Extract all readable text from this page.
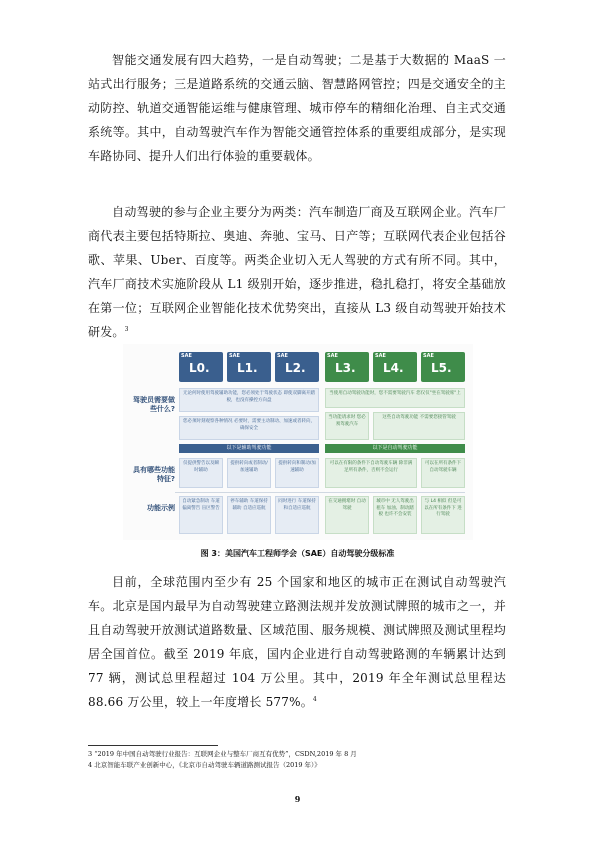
智能交通发展有四大趋势，一是自动驾驶；二是基于大数据的 MaaS 一站式出行服务；三是道路系统的交通云脑、智慧路网管控；四是交通安全的主动防控、轨道交通智能运维与健康管理、城市停车的精细化治理、自主式交通系统等。其中，自动驾驶汽车作为智能交通管控体系的重要组成部分，是实现车路协同、提升人们出行体验的重要载体。

自动驾驶的参与企业主要分为两类：汽车制造厂商及互联网企业。汽车厂商代表主要包括特斯拉、奥迪、奔驰、宝马、日产等；互联网代表企业包括谷歌、苹果、Uber、百度等。两类企业切入无人驾驶的方式有所不同。其中，汽车厂商技术实施阶段从 L1 级别开始，逐步推进，稳扎稳打，将安全基础放在第一位；互联网企业智能化技术优势突出，直接从 L3 级自动驾驶开始技术研发。$^3$

SAE
L0.
SAE
L1.
SAE
L2.
SAE
L3.
SAE
L4.
SAE
L5.
驾驶员需要做些什么?
具有哪些功能特征?
功能示例
无论何时使用驾驶辅助功能，您必须处于驾驶状态 即使双脚离开踏板，也没有操控方向盘
您必须时刻观察各种情况 必要时，需要主动制动、加速或者转向，确保安全
当使用自动驾驶功能时，您不需要驾驶汽车 您仅仅"坐在驾驶席"上
当功能请求时 您必须驾驶汽车
这些自动驾驶功能 不需要您接管驾驶
以下是辅助驾驶功能	以下是自动驾驶功能
仅提供警告以及瞬时辅助
提供转向或者制动/加速辅助
提供转向和制动/加速辅助
可以在有限的条件下自动驾驶车辆 除非满足所有条件，否则不会运行
可以在所有条件下自动驾驶车辆
自动紧急制动 车道偏离警告 盲区警告
停车辅助 车道保持辅助 自适应巡航
同时进行 车道保持和自适应巡航
在交通拥堵时 自动驾驶
城市中 无人驾驶出租车 加油、制动踏板 也许不会安装
与 L4 相似 但是可以在所有条件下 进行驾驶
图 3：美国汽车工程师学会（SAE）自动驾驶分级标准

目前，全球范围内至少有 25 个国家和地区的城市正在测试自动驾驶汽车。北京是国内最早为自动驾驶建立路测法规并发放测试牌照的城市之一，并且自动驾驶开放测试道路数量、区域范围、服务规模、测试牌照及测试里程均居全国首位。截至 2019 年底，国内企业进行自动驾驶路测的车辆累计达到 77 辆，测试总里程超过 104 万公里。其中，2019 年全年测试总里程达 88.66 万公里，较上一年度增长 577%。$^4$

3 “2019 年中国自动驾驶行业报告：互联网企业与整车厂商互有优势”，CSDN,2019 年 8 月
4 北京智能车联产业创新中心，《北京市自动驾驶车辆道路测试报告（2019 年）》
9
